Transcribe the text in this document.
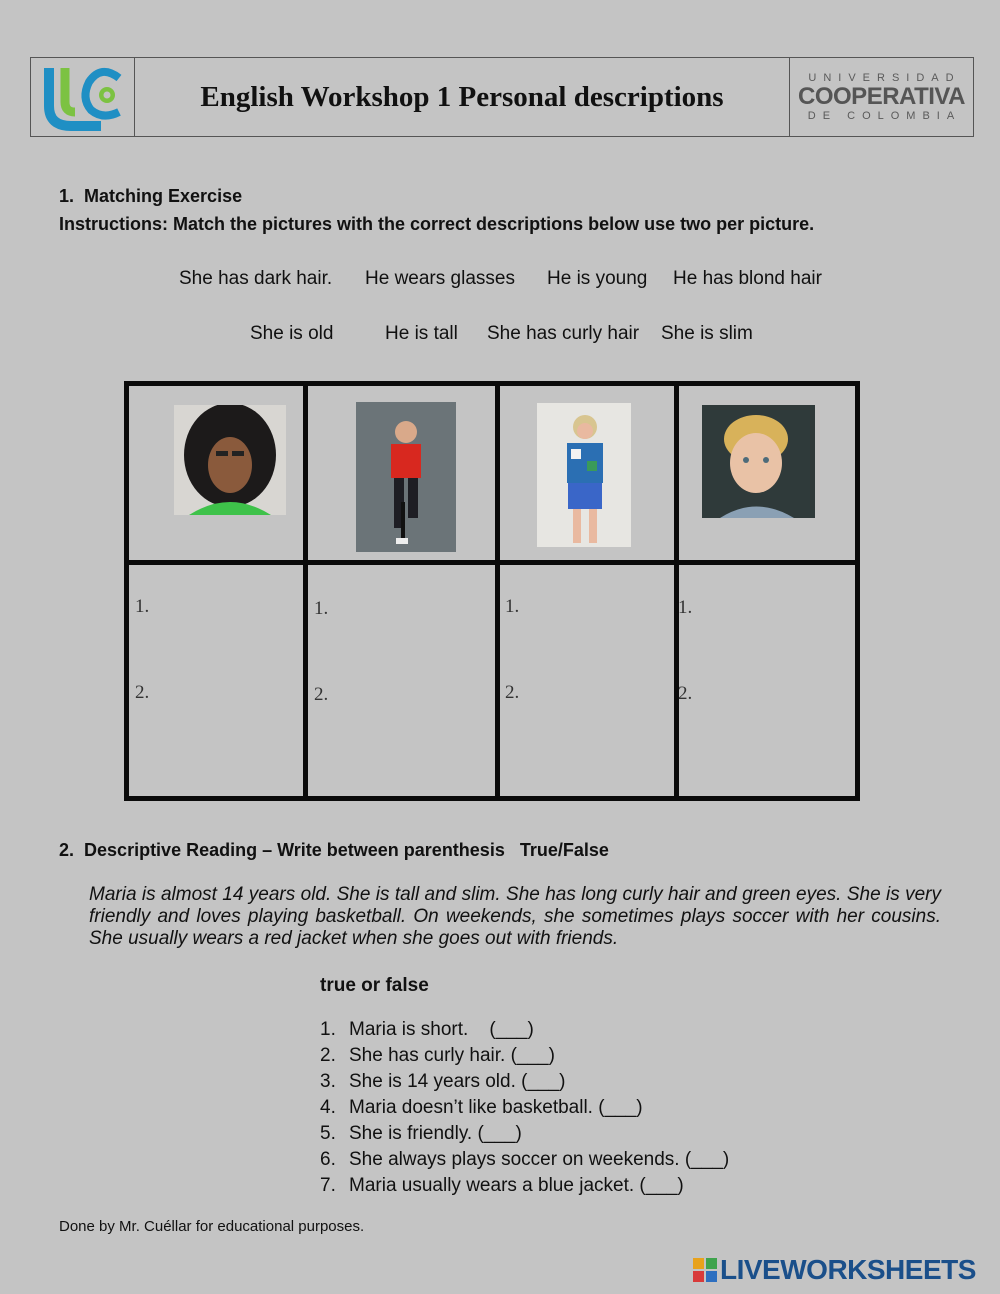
English Workshop 1 Personal descriptions
UNIVERSIDAD
COOPERATIVA
DE COLOMBIA
1. Matching Exercise
Instructions: Match the pictures with the correct descriptions below use two per picture.
She has dark hair. He wears glasses He is young He has blond hair
She is old	He is tall She has curly hair She is slim
1.
2.
1.
2.
1.
2.
1.
2.
2. Descriptive Reading – Write between parenthesis   True/False
Maria is almost 14 years old. She is tall and slim. She has long curly hair and green eyes. She is very friendly and loves playing basketball. On weekends, she sometimes plays soccer with her cousins. She usually wears a red jacket when she goes out with friends.
true or false
1. Maria is short.    (___)
2. She has curly hair. (___)
3. She is 14 years old. (___)
4. Maria doesn’t like basketball. (___)
5. She is friendly. (___)
6. She always plays soccer on weekends. (___)
7. Maria usually wears a blue jacket. (___)
Done by Mr. Cuéllar for educational purposes.
LIVEWORKSHEETS
